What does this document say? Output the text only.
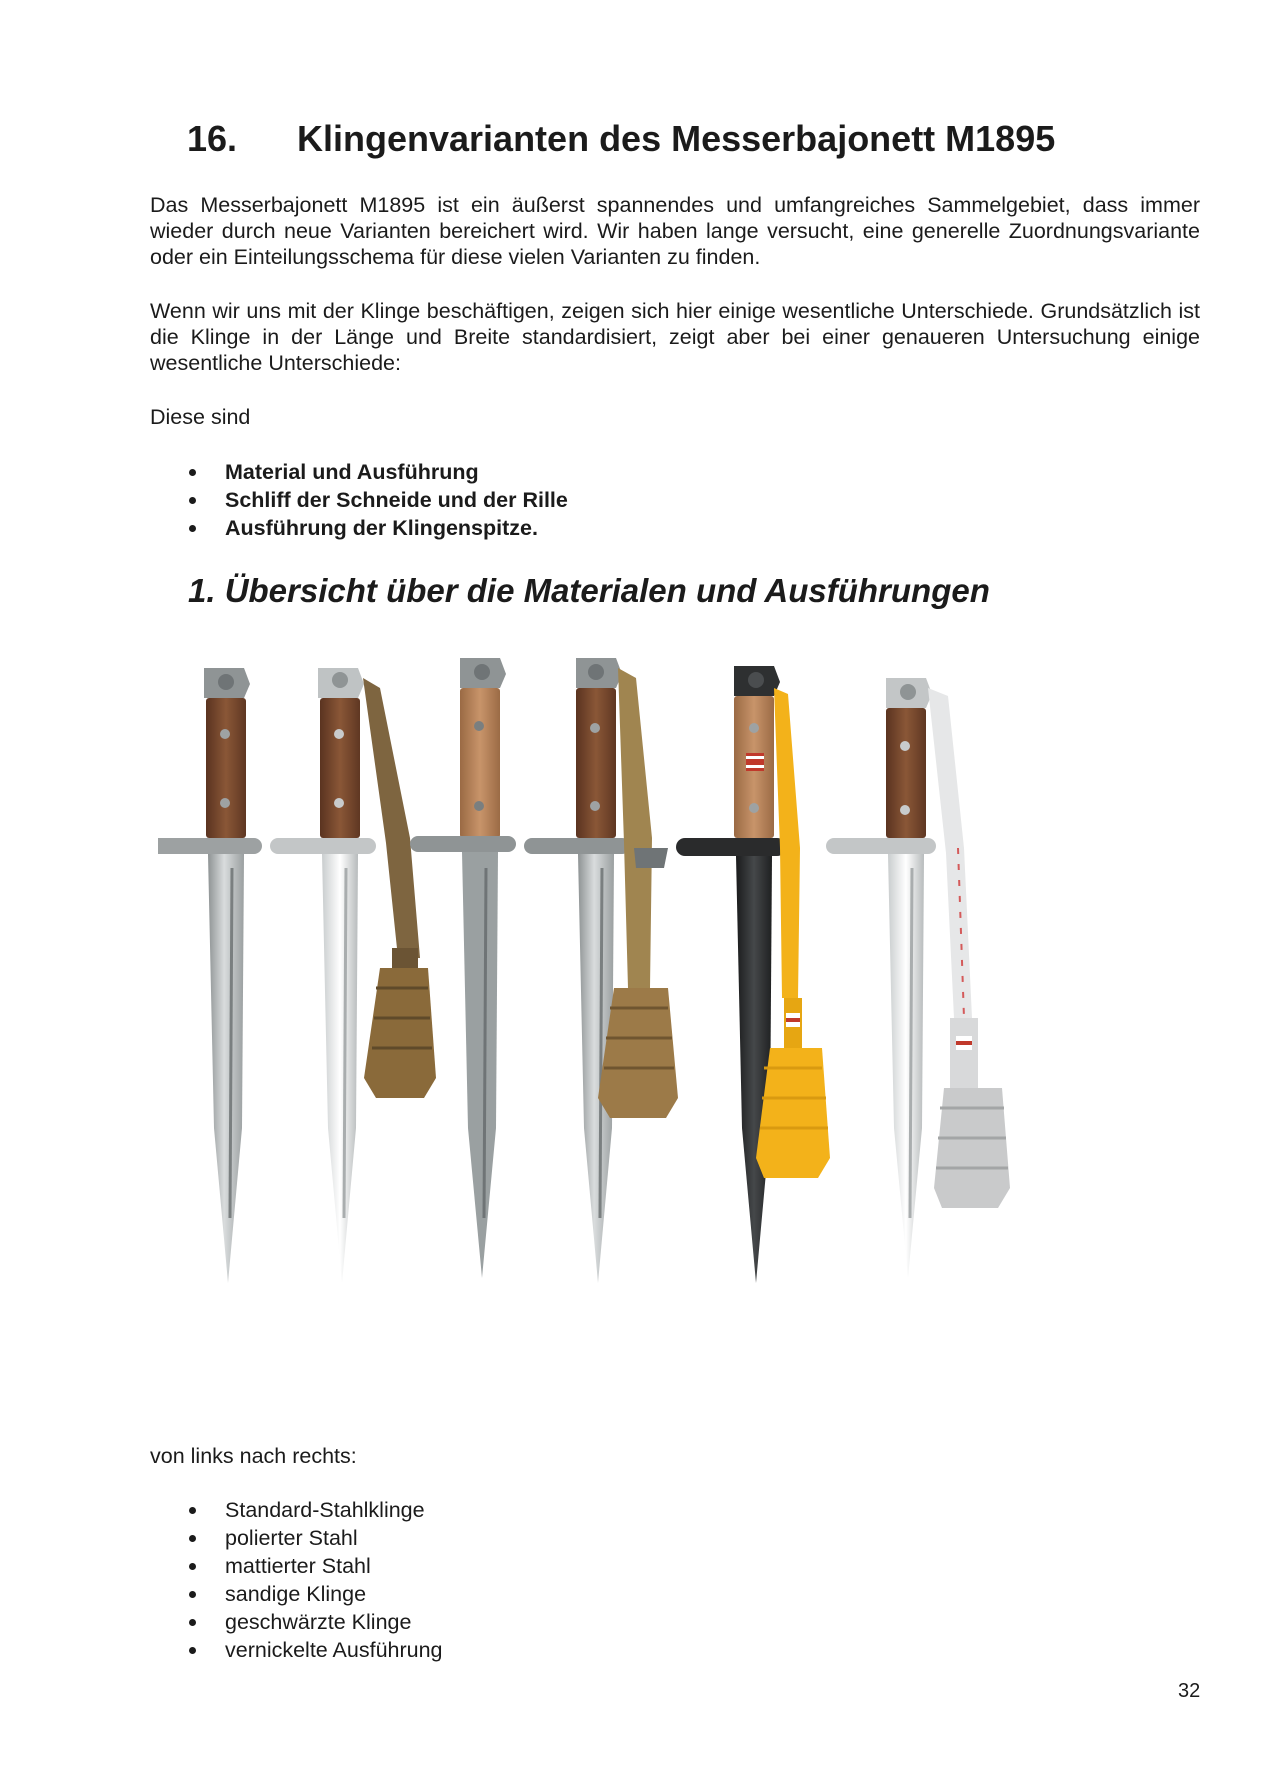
16. Klingenvarianten des Messerbajonett M1895
Das Messerbajonett M1895 ist ein äußerst spannendes und umfangreiches Sammelgebiet, dass immer wieder durch neue Varianten bereichert wird. Wir haben lange versucht, eine generelle Zuordnungsvariante oder ein Einteilungsschema für diese vielen Varianten zu finden.
Wenn wir uns mit der Klinge beschäftigen, zeigen sich hier einige wesentliche Unterschiede. Grundsätzlich ist die Klinge in der Länge und Breite standardisiert, zeigt aber bei einer genaueren Untersuchung einige wesentliche Unterschiede:
Diese sind
Material und Ausführung
Schliff der Schneide und der Rille
Ausführung der Klingenspitze.
1. Übersicht über die Materialen und Ausführungen
von links nach rechts:
Standard-Stahlklinge
polierter Stahl
mattierter Stahl
sandige Klinge
geschwärzte Klinge
vernickelte Ausführung
32
